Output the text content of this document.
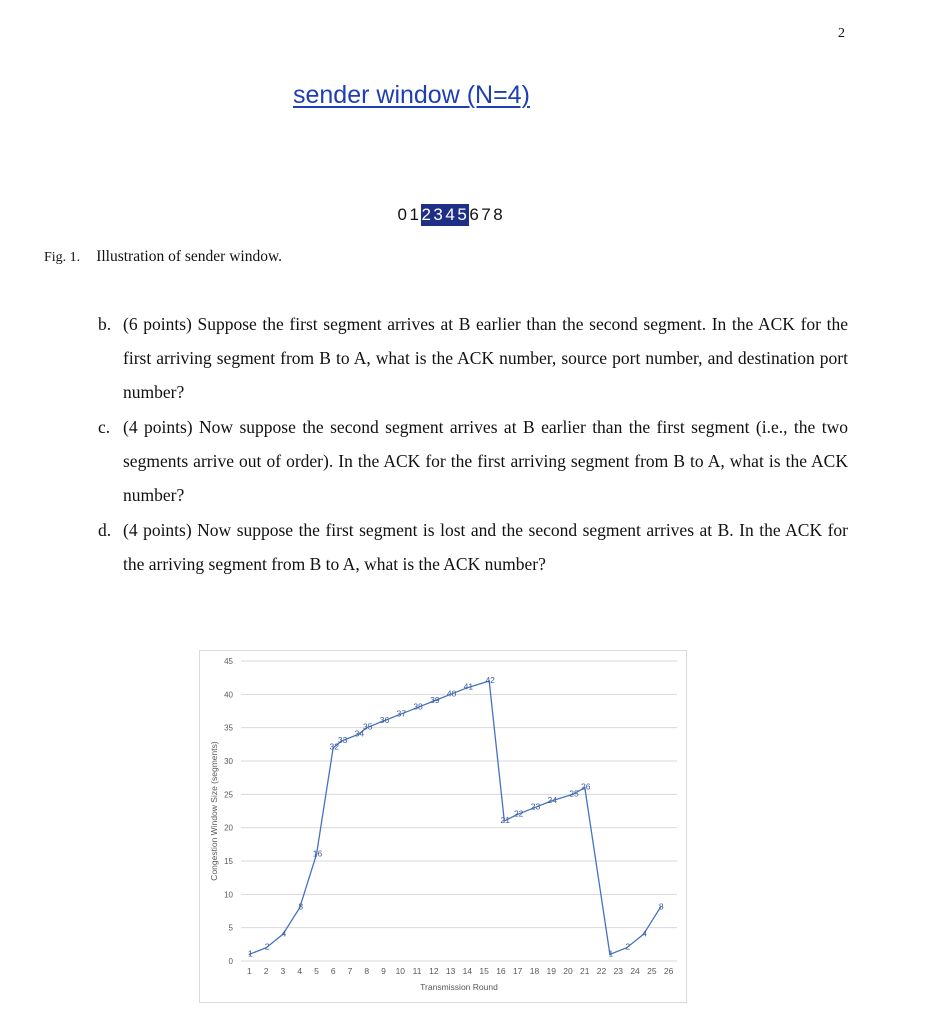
2
sender window (N=4)
0 1 2 3 4 5 6 7 8
Fig. 1. Illustration of sender window.
b. (6 points) Suppose the first segment arrives at B earlier than the second segment. In the ACK for the first arriving segment from B to A, what is the ACK number, source port number, and destination port number?
c. (4 points) Now suppose the second segment arrives at B earlier than the first segment (i.e., the two segments arrive out of order). In the ACK for the first arriving segment from B to A, what is the ACK number?
d. (4 points) Now suppose the first segment is lost and the second segment arrives at B. In the ACK for the arriving segment from B to A, what is the ACK number?
0
5
10
15
20
25
30
35
40
45
1 2 3 4 5 6 7 8 9 10 11 12 13 14 15 16 17 18 19 20 21 22 23 24 25 26
Transmission Round
Congestion Window Size (segments)
1
2
4
8
16
32
33
34
35
36
37
38
39
40
41
42
21
22
23
24
25
26
1
2
4
8
